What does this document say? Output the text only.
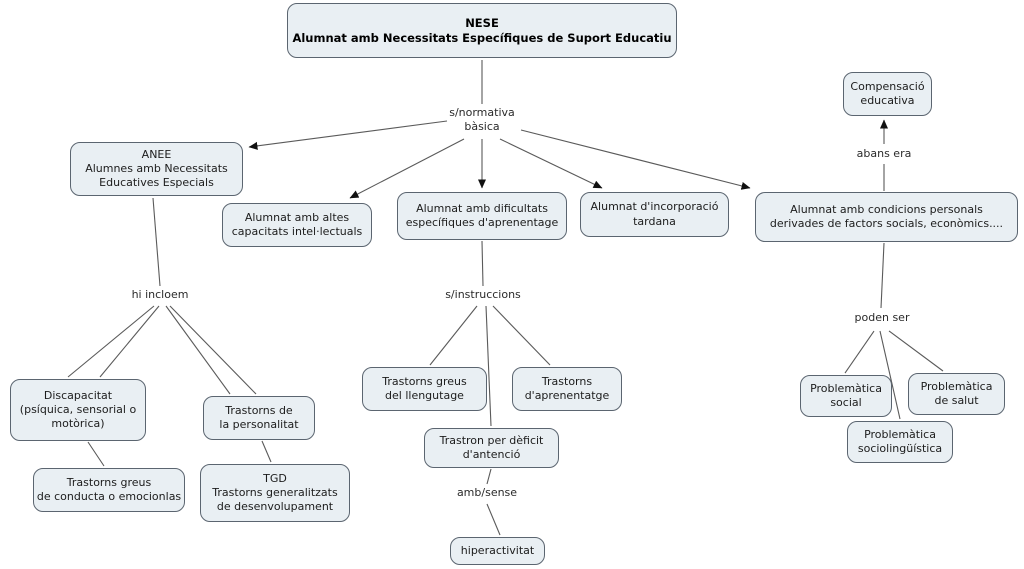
NESE
Alumnat amb Necessitats Específiques de Suport Educatiu
ANEE
Alumnes amb Necessitats
Educatives Especials
Alumnat amb altes
capacitats intel·lectuals
Alumnat amb dificultats
específiques d'aprenentage
Alumnat d'incorporació
tardana
Alumnat amb condicions personals
derivades de factors socials, econòmics....
Compensació
educativa
Discapacitat
(psíquica, sensorial o
motòrica)
Trastorns de
la personalitat
Trastorns greus
de conducta o emocionlas
TGD
Trastorns generalitzats
de desenvolupament
Trastorns greus
del llengutage
Trastorns
d'aprenentatge
Trastron per dèficit
d'antenció
hiperactivitat
Problemàtica
social
Problemàtica
de salut
Problemàtica
sociolingüística
s/normativa
bàsica
hi incloem	s/instruccions
amb/sense
abans era
poden ser
